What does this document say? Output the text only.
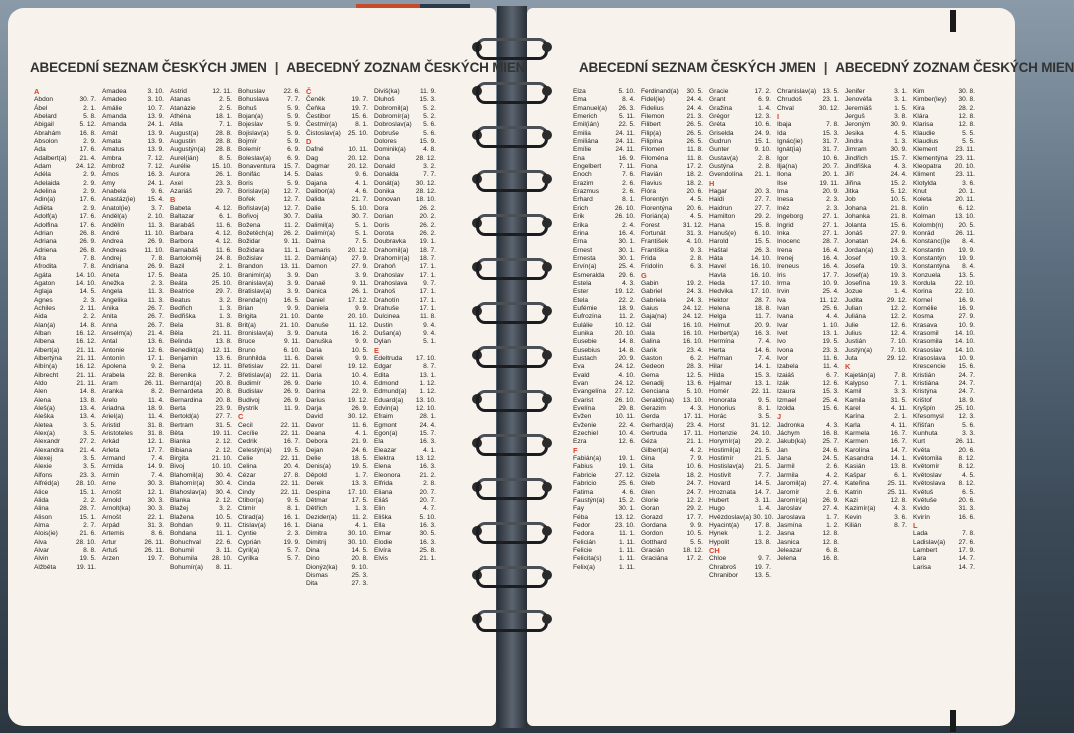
ABECEDNÍ SEZNAM ČESKÝCH JMEN | ABECEDNÝ ZOZNAM ČESKÝCH MIEN
A
Abdon	30. 7.
Ábel	2. 1.
Abelard	5. 8.
Abigail	5. 12.
Abrahám	16. 8.
Absolon	2. 9.
Ada	17. 6.
Adalbert(a)	21. 4.
Adam	24. 12.
Adéla	2. 9.
Adelaida	2. 9.
Adelina	2. 9.
Adin(a)	17. 6.
Adiëta	2. 9.
Adolf(a)	17. 6.
Adolfina	17. 6.
Adrian	26. 8.
Adriana	26. 9.
Adriena	26. 8.
Afra	7. 8.
Afrodita	7. 8.
Agáta	14. 10.
Agaton	14. 10.
Aglaja	14. 5.
Agnes	2. 3.
Achiles	2. 11.
Aida	2. 2.
Alan(a)	14. 8.
Alban	16. 12.
Albena	16. 12.
Albert(a)	21. 11.
Albertýna	21. 11.
Albín(a)	16. 12.
Albrecht	21. 11.
Aldo	21. 11.
Alen	14. 8.
Alena	13. 8.
Aleš(a)	13. 4.
Aleška	13. 4.
Aletea	3. 5.
Alex(a)	3. 5.
Alexandr	27. 2.
Alexandra	21. 4.
Alexej	3. 5.
Alexie	3. 5.
Alfons	23. 3.
Alfréd(a)	28. 10.
Alice	15. 1.
Alida	2. 2.
Alina	28. 7.
Alison	15. 1.
Alma	2. 7.
Alois(ie)	21. 6.
Alva	28. 10.
Alvar	8. 8.
Alvin	19. 5.
Alžběta	19. 11.
Amadea	3. 10.
Amadeo	3. 10.
Amálie	10. 7.
Amanda	13. 9.
Amanda	24. 1.
Amát	13. 9.
Amata	13. 9.
Amatus	13. 9.
Ambra	7. 12.
Ambrož	7. 12.
Ámos	16. 3.
Amy	24. 1.
Anabela	9. 6.
Anastáz(ie)	15. 4.
Anatol(ie)	3. 7.
Anděl(a)	2. 10.
Andělín	11. 3.
André	11. 10.
Andrea	26. 9.
Andreas	11. 10.
Andrej	7. 8.
Andriana	26. 9.
Aneta	17. 5.
Anežka	2. 3.
Angela	11. 3.
Angelika	11. 3.
Anika	26. 7.
Anita	26. 7.
Anna	26. 7.
Anselm(a)	21. 4.
Antal	13. 6.
Antonie	12. 6.
Antonín	17. 1.
Apolena	9. 2.
Arabela	22. 8.
Aram	26. 11.
Aranka	8. 2.
Arelo	11. 4.
Ariadna	18. 9.
Ariel(a)	11. 4.
Aristid	31. 8.
Aristoteles	31. 8.
Arkád	12. 1.
Arleta	17. 7.
Armand	7. 4.
Armida	14. 9.
Armin	7. 4.
Arne	30. 3.
Arnošt	12. 1.
Arnold	30. 3.
Arnolt(ka)	30. 3.
Arnošt	22. 1.
Arpád	31. 3.
Artemis	8. 6.
Artur	26. 11.
Artuš	26. 11.
Arzen	19. 7.
Astrid	12. 11.
Atanas	2. 5.
Atanázie	2. 5.
Athéna	18. 1.
Atila	7. 1.
August(a)	28. 8.
Augustin	28. 8.
Augustýn(a)	28. 8.
Aurel(ián)	8. 5.
Aurélie	15. 10.
Aurora	26. 1.
Axel	23. 3.
Azariáš	29. 7.
B
Babeta	4. 12.
Baltazar	6. 1.
Barabáš	11. 6.
Barbara	4. 12.
Barbora	4. 12.
Barnabáš	11. 6.
Bartoloměj	24. 8.
Bazil	2. 1.
Beata	25. 10.
Beáta	25. 10.
Beatrice	29. 7.
Beatus	3. 2.
Bedřich	1. 3.
Bedřiška	1. 3.
Bela	31. 8.
Běla	21. 11.
Belinda	13. 8.
Benedikt(a)	12. 11.
Benjamin	13. 6.
Bena	12. 11.
Berenika	7. 2.
Bernard(a)	20. 8.
Bernardeta	20. 8.
Bernardina	20. 8.
Berta	23. 9.
Bertold(a)	27. 7.
Bertram	31. 5.
Běta	19. 11.
Bianka	2. 12.
Bibiana	2. 12.
Birgita	21. 10.
Bivoj	10. 10.
Blahomil(a)	30. 4.
Blahomír(a)	30. 4.
Blahoslav(a)	30. 4.
Blanka	2. 12.
Blažej	3. 2.
Blažena	10. 5.
Bohdan	9. 11.
Bohdana	11. 1.
Bohuchval	22. 6.
Bohumil	3. 11.
Bohumila	28. 10.
Bohumír(a)	8. 11.
Bohuslav	22. 6.
Bohuslava	7. 7.
Bohuš	5. 9.
Bojan(a)	5. 9.
Bojeslav	5. 9.
Bojislav(a)	5. 9.
Bojmír	5. 9.
Bolemír	6. 9.
Boleslav(a)	6. 9.
Bonaventura	15. 7.
Bonifác	14. 5.
Boris	5. 9.
Borislav(a)	12. 7.
Bořek	12. 7.
Bořislav(a)	12. 7.
Bořivoj	30. 7.
Božena	11. 2.
Božetěch(a)	26. 2.
Božidar	9. 11.
Božidara	11. 1.
Božislav	11. 2.
Brandon	13. 11.
Branimír(a)	3. 9.
Branislav(a)	3. 9.
Bratislav(a)	3. 9.
Brenda(n)	16. 5.
Brian	9. 9.
Brigita	21. 10.
Brit(a)	21. 10.
Bronislav(a)	3. 9.
Bruce	9. 11.
Bruno	6. 10.
Brunhilda	11. 6.
Břetislav	22. 11.
Břetislav(a)	22. 11.
Budimír	26. 9.
Budislav	26. 9.
Budivoj	26. 9.
Bystrík	11. 9.
C
Cecil	22. 11.
Cecílie	22. 11.
Cedrik	16. 7.
Celestýn(a)	19. 5.
Celie	22. 11.
Celina	20. 4.
Cézar	27. 8.
Cinda	22. 11.
Cindy	22. 11.
Ctibor(a)	9. 5.
Ctimír	8. 1.
Ctirad(a)	16. 1.
Ctislav(a)	16. 1.
Cyntie	2. 3.
Cyprián	19. 9.
Cyril(a)	5. 7.
Cyrilka	5. 7.
Č
Čeněk	19. 7.
Čeňka	19. 7.
Čestibor	15. 6.
Čestmír(a)	8. 1.
Čistoslav(a)	25. 10.
D
Dafné	10. 11.
Dag	20. 12.
Dagmar	20. 12.
Dalas	9. 6.
Dajana	4. 1.
Dalibor(a)	4. 6.
Dalida	21. 7.
Dalie	5. 10.
Dalila	30. 7.
Dalimil(a)	5. 1.
Dalimír(a)	5. 1.
Dalma	7. 5.
Damaris	20. 12.
Damián(a)	27. 9.
Damon	27. 9.
Dan	3. 9.
Danaë	9. 11.
Danica	26. 1.
Daniel	17. 12.
Daniela	9. 9.
Dante	20. 10.
Danuše	11. 12.
Danuta	16. 2.
Danuška	9. 9.
Daria	10. 5.
Darek	9. 9.
Darel	19. 12.
Daria	10. 4.
Darie	10. 4.
Darina	22. 9.
Darius	19. 12.
Darja	26. 9.
David	30. 12.
Davor	11. 6.
Deana	4. 1.
Debora	21. 9.
Dejan	24. 6.
Delie	18. 5.
Denis(a)	19. 5.
Děpold	1. 7.
Derek	13. 3.
Despina	17. 10.
Dětmar	17. 5.
Dětřich	1. 3.
Dezider(a)	11. 2.
Diana	4. 1.
Dimitra	30. 10.
Dimitrij	30. 10.
Dina	14. 5.
Dino	20. 8.
Dionýz(ka)	9. 10.
Dismas	25. 3.
Dita	27. 3.
Diviš(ka)	11. 9.
Dluhoš	15. 3.
Dobromil(a)	5. 2.
Dobromír(a)	5. 2.
Dobroslav(a)	5. 6.
Dobruše	5. 6.
Dolores	15. 9.
Dominik(a)	4. 8.
Dona	28. 12.
Donald	3. 2.
Donalda	7. 7.
Donát(a)	30. 12.
Donika	28. 12.
Donovan	18. 10.
Dora	26. 2.
Dorian	20. 2.
Doris	26. 2.
Dorota	26. 2.
Doubravka	19. 1.
Drahomil(a)	18. 7.
Drahomír(a)	18. 7.
Drahoň	17. 1.
Drahoslav	17. 1.
Drahoslava	9. 7.
Drahoš	17. 1.
Drahotín	17. 1.
Drahuše	17. 1.
Dulcinea	11. 8.
Dustin	9. 4.
Dušan(a)	9. 4.
Dylan	5. 1.
E
Edeltruda	17. 10.
Edgar	8. 7.
Edita	13. 1.
Edmond	1. 12.
Edmund(a)	1. 12.
Eduard(a)	13. 10.
Edvin(a)	12. 10.
Efraim	28. 1.
Egmont	24. 4.
Egon(a)	15. 7.
Ela	16. 3.
Eleazar	4. 1.
Elektra	13. 12.
Elena	16. 3.
Eleonora	21. 2.
Elfrida	2. 8.
Eliana	20. 7.
Eliáš	20. 7.
Elin	4. 7.
Eliška	5. 10.
Ella	16. 3.
Elmar	30. 5.
Elodie	16. 3.
Elvíra	25. 8.
Elvis	21. 1.
ABECEDNÍ SEZNAM ČESKÝCH JMEN | ABECEDNÝ ZOZNAM ČESKÝCH MIEN
Elza	5. 10.
Ema	8. 4.
Emanuel(a)	26. 3.
Emerich	5. 11.
Emil(ián)	22. 5.
Emilia	24. 11.
Emiliána	24. 11.
Emílie	24. 11.
Ena	16. 9.
Engelbert	7. 11.
Enoch	7. 6.
Erazim	2. 6.
Erazmus	2. 6.
Erhard	8. 1.
Erich	26. 10.
Erik	26. 10.
Erika	2. 4.
Erina	16. 4.
Erna	30. 1.
Ernest	30. 1.
Ernesta	30. 1.
Ervín(a)	25. 4.
Esmeralda	29. 6.
Estela	4. 3.
Ester	19. 12.
Etela	22. 2.
Eufémie	18. 9.
Eufrozína	11. 2.
Eulálie	10. 12.
Eunika	20. 10.
Eusebie	14. 8.
Eusebius	14. 8.
Eustach	20. 9.
Eva	24. 12.
Evald	4. 10.
Evan	24. 12.
Evangelína	27. 12.
Evarist	26. 10.
Evelína	29. 8.
Evžen	10. 11.
Evženie	22. 4.
Ezechiel	10. 4.
Ezra	12. 6.
F
Fabián(a)	19. 1.
Fabius	19. 1.
Fabricie	27. 12.
Fabricio	25. 6.
Fatima	4. 6.
Faustýn(a)	15. 2.
Fay	30. 1.
Féba	13. 12.
Fedor	23. 10.
Fedora	11. 1.
Felicián	1. 11.
Felicie	1. 11.
Felicita(s)	1. 11.
Felix(a)	1. 11.
Ferdinand(a)	30. 5.
Fidel(ie)	24. 4.
Fidelius	24. 4.
Filemon	21. 3.
Filibert	26. 5.
Filip(a)	26. 5.
Filipína	26. 5.
Filomen	11. 8.
Filoména	11. 8.
Fiona	17. 2.
Flavián	18. 2.
Flavius	18. 2.
Flóra	20. 6.
Florentýn	4. 5.
Florentýna	20. 6.
Florián(a)	4. 5.
Forest	31. 12.
Fortunát	31. 3.
František	4. 10.
Františka	9. 3.
Frida	2. 8.
Fridolín	6. 3.
G
Gabin	19. 2.
Gabriel	24. 3.
Gabriela	24. 3.
Gaius	24. 12.
Gaja(na)	24. 12.
Gál	16. 10.
Gala	16. 10.
Galina	16. 10.
Garik	23. 4.
Gaston	6. 2.
Gedeon	28. 3.
Gema	12. 5.
Genadij	13. 6.
Genciana	5. 10.
Gerald(ina)	13. 10.
Gerazim	4. 3.
Gerda	17. 11.
Gerhard(a)	23. 4.
Gertruda	17. 11.
Géza	21. 1.
Gilbert(a)	4. 2.
Gina	7. 9.
Gita	10. 6.
Gizela	18. 2.
Gleb	24. 7.
Glen	24. 7.
Glorie	12. 2.
Goran	29. 2.
Gorazd	17. 7.
Gordana	9. 9.
Gordon	10. 5.
Gotthard	5. 5.
Gracián	18. 12.
Graciána	17. 2.
Gracie	17. 2.
Grant	6. 9.
Gražina	1. 4.
Grégor	12. 3.
Gréta	10. 6.
Griselda	24. 9.
Gudrun	15. 1.
Gunter	9. 10.
Gustav(a)	2. 8.
Gustýna	2. 8.
Gvendolína	21. 1.
H
Hagar	20. 3.
Haidi	27. 7.
Haidrun	27. 7.
Hamilton	29. 2.
Hana	15. 8.
Hanuš(e)	6. 10.
Harold	15. 5.
Haštal	26. 3.
Háta	14. 10.
Havel	16. 10.
Havla	16. 10.
Heda	17. 10.
Hedvika	17. 10.
Hektor	28. 7.
Helena	18. 8.
Helga	11. 7.
Helmut	20. 9.
Herbert(a)	16. 3.
Hermína	7. 4.
Herta	14. 6.
Heřman	7. 4.
Hilar	14. 1.
Hilda	15. 3.
Hjalmar	13. 1.
Homér	22. 11.
Honorata	9. 5.
Honorius	8. 1.
Horác	3. 5.
Horst	31. 12.
Hortenzie	24. 10.
Horymír(a)	29. 2.
Hostimil(a)	21. 5.
Hostimír	21. 5.
Hostislav(a)	21. 5.
Hostivít	7. 7.
Hovard	14. 5.
Hroznata	14. 7.
Hubert	3. 11.
Hugo	1. 4.
Hvězdoslav(a) 30. 10.
Hyacint(a)	17. 8.
Hynek	1. 2.
Hypolit	13. 8.
CH
Chloe	9. 7.
Chrabroš	19. 7.
Chranibor	13. 5.
Chranislav(a) 13. 5.
Chrudoš	23. 1.
Chval	30. 12.
I
Ibaja	7. 8.
Ida	15. 3.
Ignác(ie)	31. 7.
Ignát(ia)	31. 7.
Igor	10. 6.
Ilja(na)	20. 7.
Ilona	20. 1.
Ilse	19. 11.
Ima	20. 9.
Inesa	2. 3.
Inéz	2. 3.
Ingeborg	27. 1.
Ingrid	27. 1.
Inka	27. 1.
Inocenc	28. 7.
Irena	16. 4.
Irenej	16. 4.
Ireneus	16. 4.
Iris	17. 7.
Irma	10. 9.
Irvin	25. 4.
Iva	11. 12.
Ivan	25. 6.
Ivana	4. 4.
Ivar	1. 10.
Ivet	13. 1.
Ivo	19. 5.
Ivona	23. 3.
Ivor	11. 6.
Izabela	11. 4.
Izaiáš	6. 7.
Izák	12. 6.
Izaura	15. 3.
Izmael	25. 4.
Izolda	15. 6.
J
Jadronka	4. 3.
Jáchym	16. 8.
Jakub(ka)	25. 7.
Jan	24. 6.
Jana	24. 5.
Jarmil	2. 6.
Jarmila	4. 2.
Jaromil(a)	27. 4.
Jaromír	2. 6.
Jaromír(a)	26. 9.
Jaroslav	27. 4.
Jaroslava	1. 7.
Jasmína	1. 2.
Jasna	12. 8.
Jasnica	12. 8.
Jeleazar	6. 8.
Jelena	16. 8.
Jenifer	3. 1.
Jenovéfa	3. 1.
Jeremiáš	1. 5.
Jerguš	3. 8.
Jeroným	30. 9.
Jesika	4. 5.
Jindra	1. 3.
Jimram	30. 9.
Jindřich	15. 7.
Jindřiška	4. 3.
Jiří	24. 4.
Jiřina	15. 2.
Jitka	5. 12.
Job	10. 5.
Johana	21. 8.
Johanka	21. 8.
Jolanta	15. 6.
Jonáš	27. 9.
Jonatan	24. 6.
Jordan(a)	13. 2.
Josef	19. 3.
Josefa	19. 3.
Josef(a)	19. 3.
Josefína	19. 3.
Jozue	1. 4.
Judita	29. 12.
Julian	12. 2.
Juliána	12. 2.
Julie	12. 6.
Julius	12. 4.
Justián	7. 10.
Justýn(a)	7. 10.
Juta	29. 12.
K
Kajetán(a)	7. 8.
Kalypso	7. 1.
Kamil	3. 3.
Kamila	31. 5.
Karel	4. 11.
Karína	2. 1.
Karla	4. 11.
Karmela	16. 7.
Karmen	16. 7.
Karolína	14. 7.
Kasandra	14. 1.
Kasián	13. 8.
Kašpar	6. 1.
Kateřina	25. 11.
Katrin	25. 11.
Kazi	12. 8.
Kazimír(a)	4. 3.
Kevin	3. 6.
Kilián	8. 7.
Kim	30. 8.
Kimber(ley)	30. 8.
Kira	28. 2.
Klára	12. 8.
Klarisa	12. 8.
Klaudie	5. 5.
Klaudius	5. 5.
Klement	23. 11.
Klementýna	23. 11.
Kleopatra	20. 10.
Kliment	23. 11.
Klotylda	3. 6.
Knut	20. 1.
Koleta	20. 11.
Kolín	6. 12.
Kolman	13. 10.
Kolomb(n)	20. 5.
Konrád	26. 11.
Konstanc(i)e	8. 4.
Konstantin	19. 9.
Konstantýn	19. 9.
Konstantýna	8. 4.
Konzuela	13. 5.
Kordula	22. 10.
Korina	22. 10.
Kornel	16. 9.
Kornélie	16. 9.
Kosma	27. 9.
Krasava	10. 9.
Krasomil	14. 10.
Krasomila	14. 10.
Krasoslav	14. 10.
Krasoslava	10. 9.
Krescencie	15. 6.
Kristián	24. 7.
Kristiána	24. 7.
Kristýna	24. 7.
Krištof	18. 9.
Kryšpín	25. 10.
Křesomysl	12. 3.
Křišťan	5. 6.
Kunhuta	3. 3.
Kurt	26. 11.
Květa	20. 6.
Květomila	8. 12.
Květomír	8. 12.
Květoslav	4. 5.
Květoslava	8. 12.
Květuš	6. 5.
Květuše	20. 6.
Kvido	31. 3.
Kvirín	16. 6.
L
Lada	7. 8.
Ladislav(a)	27. 6.
Lambert	17. 9.
Lara	14. 7.
Larisa	14. 7.
